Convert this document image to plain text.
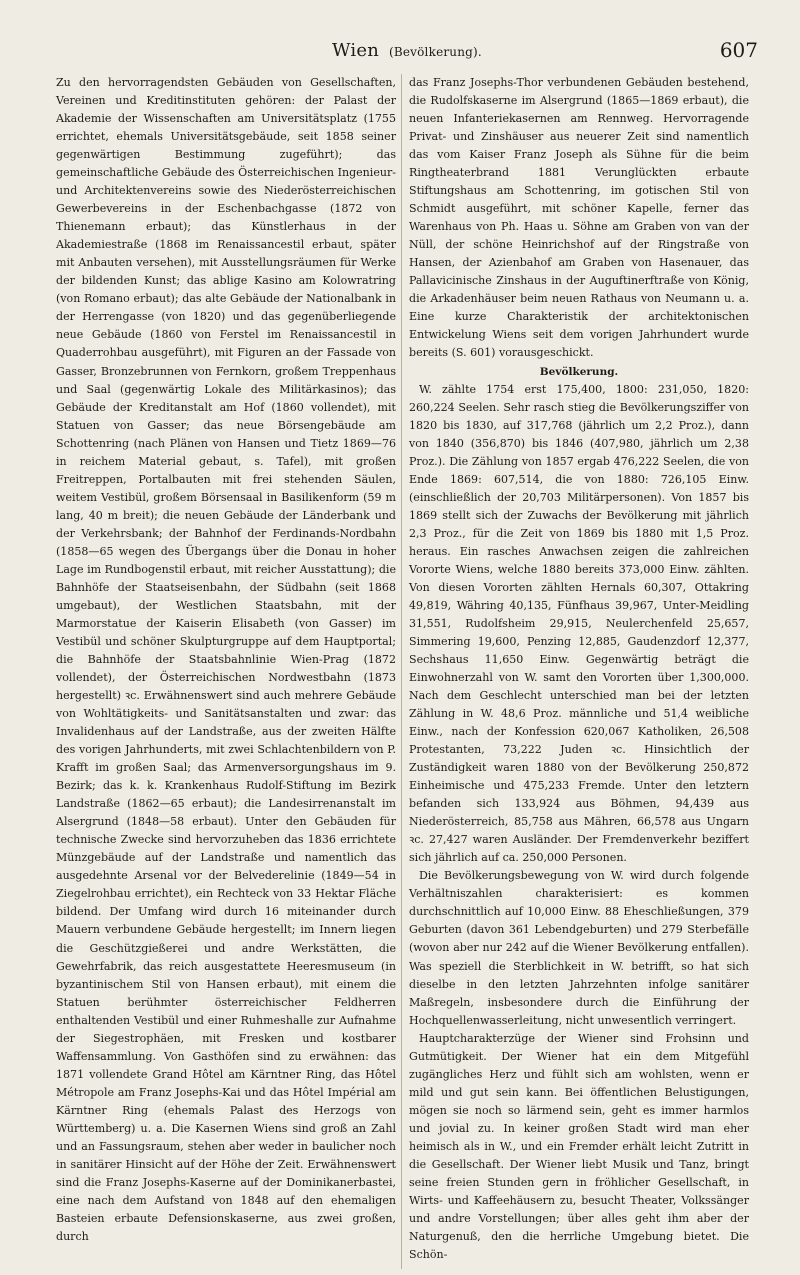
Wien (Bevölkerung).	607

Zu den hervorragendsten Gebäuden von Gesellschaften, Vereinen und Kreditinstituten gehören: der Palast der Akademie der Wissenschaften am Universitätsplatz (1755 errichtet, ehemals Universitätsgebäude, seit 1858 seiner gegenwärtigen Bestimmung zugeführt); das gemeinschaftliche Gebäude des Österreichischen Ingenieur- und Architektenvereins sowie des Niederösterreichischen Gewerbevereins in der Eschenbachgasse (1872 von Thienemann erbaut); das Künstlerhaus in der Akademiestraße (1868 im Renaissancestil erbaut, später mit Anbauten versehen), mit Ausstellungsräumen für Werke der bildenden Kunst; das ablige Kasino am Kolowratring (von Romano erbaut); das alte Gebäude der Nationalbank in der Herrengasse (von 1820) und das gegenüberliegende neue Gebäude (1860 von Ferstel im Renaissancestil in Quaderrohbau ausgeführt), mit Figuren an der Fassade von Gasser, Bronzebrunnen von Fernkorn, großem Treppenhaus und Saal (gegenwärtig Lokale des Militärkasinos); das Gebäude der Kreditanstalt am Hof (1860 vollendet), mit Statuen von Gasser; das neue Börsengebäude am Schottenring (nach Plänen von Hansen und Tietz 1869—76 in reichem Material gebaut, s. Tafel), mit großen Freitreppen, Portalbauten mit frei stehenden Säulen, weitem Vestibül, großem Börsensaal in Basilikenform (59 m lang, 40 m breit); die neuen Gebäude der Länderbank und der Verkehrsbank; der Bahnhof der Ferdinands-Nordbahn (1858—65 wegen des Übergangs über die Donau in hoher Lage im Rundbogenstil erbaut, mit reicher Ausstattung); die Bahnhöfe der Staatseisenbahn, der Südbahn (seit 1868 umgebaut), der Westlichen Staatsbahn, mit der Marmorstatue der Kaiserin Elisabeth (von Gasser) im Vestibül und schöner Skulpturgruppe auf dem Hauptportal; die Bahnhöfe der Staatsbahnlinie Wien-Prag (1872 vollendet), der Österreichischen Nordwestbahn (1873 hergestellt) ꝛc. Erwähnenswert sind auch mehrere Gebäude von Wohltätigkeits- und Sanitätsanstalten und zwar: das Invalidenhaus auf der Landstraße, aus der zweiten Hälfte des vorigen Jahrhunderts, mit zwei Schlachtenbildern von P. Krafft im großen Saal; das Armenversorgungshaus im 9. Bezirk; das k. k. Krankenhaus Rudolf-Stiftung im Bezirk Landstraße (1862—65 erbaut); die Landesirrenanstalt im Alsergrund (1848—58 erbaut). Unter den Gebäuden für technische Zwecke sind hervorzuheben das 1836 errichtete Münzgebäude auf der Landstraße und namentlich das ausgedehnte Arsenal vor der Belvederelinie (1849—54 in Ziegelrohbau errichtet), ein Rechteck von 33 Hektar Fläche bildend. Der Umfang wird durch 16 miteinander durch Mauern verbundene Gebäude hergestellt; im Innern liegen die Geschützgießerei und andre Werkstätten, die Gewehrfabrik, das reich ausgestattete Heeresmuseum (in byzantinischem Stil von Hansen erbaut), mit einem die Statuen berühmter österreichischer Feldherren enthaltenden Vestibül und einer Ruhmeshalle zur Aufnahme der Siegestrophäen, mit Fresken und kostbarer Waffensammlung. Von Gasthöfen sind zu erwähnen: das 1871 vollendete Grand Hôtel am Kärntner Ring, das Hôtel Métropole am Franz Josephs-Kai und das Hôtel Impérial am Kärntner Ring (ehemals Palast des Herzogs von Württemberg) u. a. Die Kasernen Wiens sind groß an Zahl und an Fassungsraum, stehen aber weder in baulicher noch in sanitärer Hinsicht auf der Höhe der Zeit. Erwähnenswert sind die Franz Josephs-Kaserne auf der Dominikanerbastei, eine nach dem Aufstand von 1848 auf den ehemaligen Basteien erbaute Defensionskaserne, aus zwei großen, durch

das Franz Josephs-Thor verbundenen Gebäuden bestehend, die Rudolfskaserne im Alsergrund (1865—1869 erbaut), die neuen Infanteriekasernen am Rennweg. Hervorragende Privat- und Zinshäuser aus neuerer Zeit sind namentlich das vom Kaiser Franz Joseph als Sühne für die beim Ringtheaterbrand 1881 Verunglückten erbaute Stiftungshaus am Schottenring, im gotischen Stil von Schmidt ausgeführt, mit schöner Kapelle, ferner das Warenhaus von Ph. Haas u. Söhne am Graben von van der Nüll, der schöne Heinrichshof auf der Ringstraße von Hansen, der Azienbahof am Graben von Hasenauer, das Pallavicinische Zinshaus in der Auguftinerftraße von König, die Arkadenhäuser beim neuen Rathaus von Neumann u. a. Eine kurze Charakteristik der architektonischen Entwickelung Wiens seit dem vorigen Jahrhundert wurde bereits (S. 601) vorausgeschickt.

Bevölkerung.

W. zählte 1754 erst 175,400, 1800: 231,050, 1820: 260,224 Seelen. Sehr rasch stieg die Bevölkerungsziffer von 1820 bis 1830, auf 317,768 (jährlich um 2,2 Proz.), dann von 1840 (356,870) bis 1846 (407,980, jährlich um 2,38 Proz.). Die Zählung von 1857 ergab 476,222 Seelen, die von Ende 1869: 607,514, die von 1880: 726,105 Einw. (einschließlich der 20,703 Militärpersonen). Von 1857 bis 1869 stellt sich der Zuwachs der Bevölkerung mit jährlich 2,3 Proz., für die Zeit von 1869 bis 1880 mit 1,5 Proz. heraus. Ein rasches Anwachsen zeigen die zahlreichen Vororte Wiens, welche 1880 bereits 373,000 Einw. zählten. Von diesen Vororten zählten Hernals 60,307, Ottakring 49,819, Währing 40,135, Fünfhaus 39,967, Unter-Meidling 31,551, Rudolfsheim 29,915, Neulerchenfeld 25,657, Simmering 19,600, Penzing 12,885, Gaudenzdorf 12,377, Sechshaus 11,650 Einw. Gegenwärtig beträgt die Einwohnerzahl von W. samt den Vororten über 1,300,000. Nach dem Geschlecht unterschied man bei der letzten Zählung in W. 48,6 Proz. männliche und 51,4 weibliche Einw., nach der Konfession 620,067 Katholiken, 26,508 Protestanten, 73,222 Juden ꝛc. Hinsichtlich der Zuständigkeit waren 1880 von der Bevölkerung 250,872 Einheimische und 475,233 Fremde. Unter den letztern befanden sich 133,924 aus Böhmen, 94,439 aus Niederösterreich, 85,758 aus Mähren, 66,578 aus Ungarn ꝛc. 27,427 waren Ausländer. Der Fremdenverkehr beziffert sich jährlich auf ca. 250,000 Personen.

Die Bevölkerungsbewegung von W. wird durch folgende Verhältniszahlen charakterisiert: es kommen durchschnittlich auf 10,000 Einw. 88 Eheschließungen, 379 Geburten (davon 361 Lebendgeburten) und 279 Sterbefälle (wovon aber nur 242 auf die Wiener Bevölkerung entfallen). Was speziell die Sterblichkeit in W. betrifft, so hat sich dieselbe in den letzten Jahrzehnten infolge sanitärer Maßregeln, insbesondere durch die Einführung der Hochquellenwasserleitung, nicht unwesentlich verringert.

Hauptcharakterzüge der Wiener sind Frohsinn und Gutmütigkeit. Der Wiener hat ein dem Mitgefühl zugängliches Herz und fühlt sich am wohlsten, wenn er mild und gut sein kann. Bei öffentlichen Belustigungen, mögen sie noch so lärmend sein, geht es immer harmlos und jovial zu. In keiner großen Stadt wird man eher heimisch als in W., und ein Fremder erhält leicht Zutritt in die Gesellschaft. Der Wiener liebt Musik und Tanz, bringt seine freien Stunden gern in fröhlicher Gesellschaft, in Wirts- und Kaffeehäusern zu, besucht Theater, Volkssänger und andre Vorstellungen; über alles geht ihm aber der Naturgenuß, den die herrliche Umgebung bietet. Die Schön-
